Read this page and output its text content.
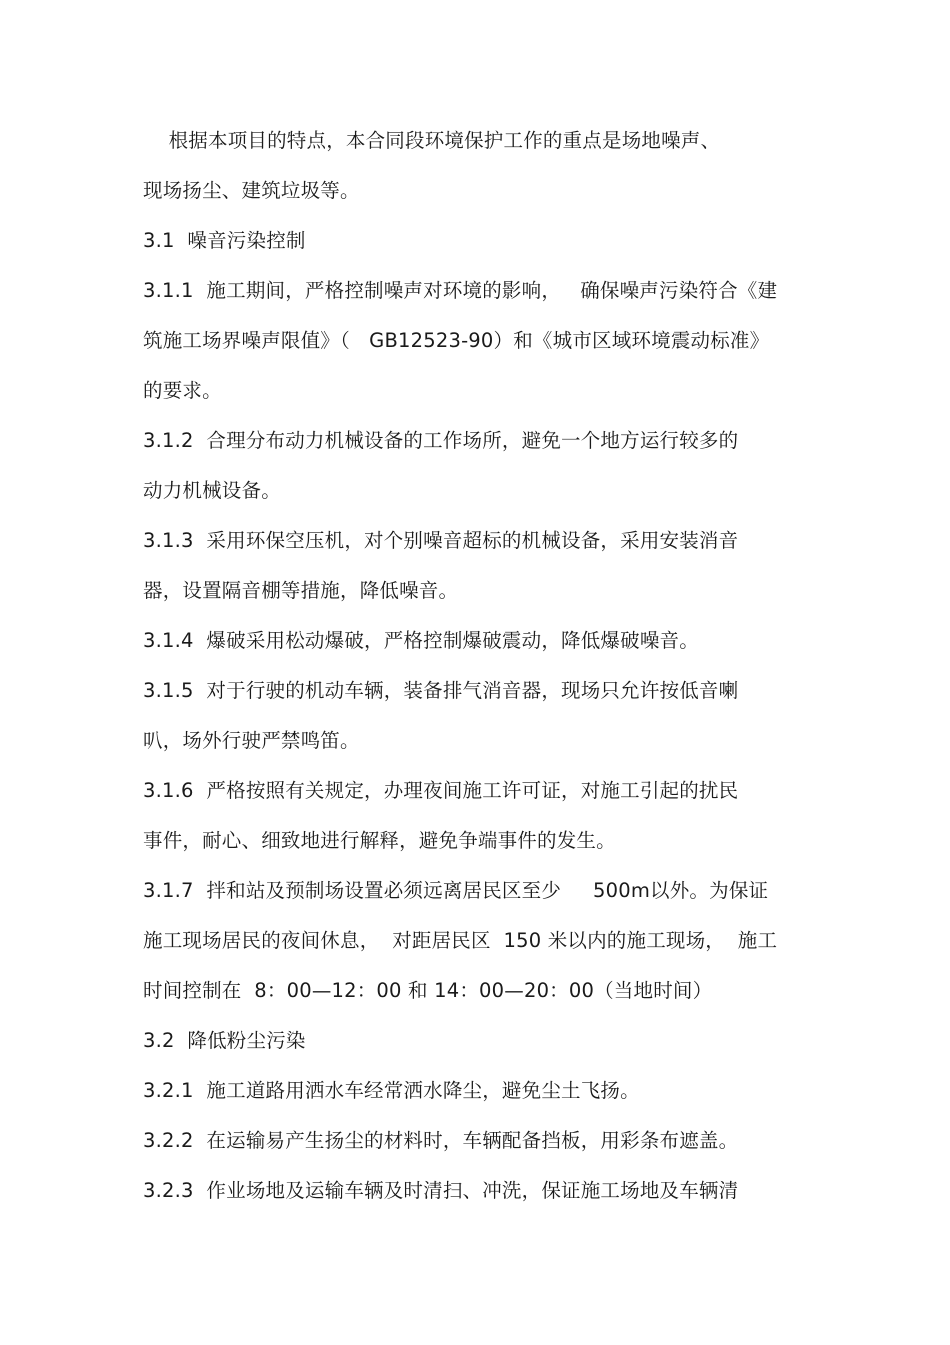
根据本项目的特点，本合同段环境保护工作的重点是场地噪声、
现场扬尘、建筑垃圾等。
3.1  噪音污染控制
3.1.1  施工期间，严格控制噪声对环境的影响，   确保噪声污染符合《建
筑施工场界噪声限值》（   GB12523-90）和《城市区域环境震动标准》
的要求。
3.1.2  合理分布动力机械设备的工作场所，避免一个地方运行较多的
动力机械设备。
3.1.3  采用环保空压机，对个别噪音超标的机械设备，采用安装消音
器，设置隔音棚等措施，降低噪音。
3.1.4  爆破采用松动爆破，严格控制爆破震动，降低爆破噪音。
3.1.5  对于行驶的机动车辆，装备排气消音器，现场只允许按低音喇
叭，场外行驶严禁鸣笛。
3.1.6  严格按照有关规定，办理夜间施工许可证，对施工引起的扰民
事件，耐心、细致地进行解释，避免争端事件的发生。
3.1.7  拌和站及预制场设置必须远离居民区至少     500m以外。为保证
施工现场居民的夜间休息，  对距居民区  150 米以内的施工现场，  施工
时间控制在  8：00—12：00 和 14：00—20：00（当地时间）
3.2  降低粉尘污染
3.2.1  施工道路用洒水车经常洒水降尘，避免尘土飞扬。
3.2.2  在运输易产生扬尘的材料时，车辆配备挡板，用彩条布遮盖。
3.2.3  作业场地及运输车辆及时清扫、冲洗，保证施工场地及车辆清
